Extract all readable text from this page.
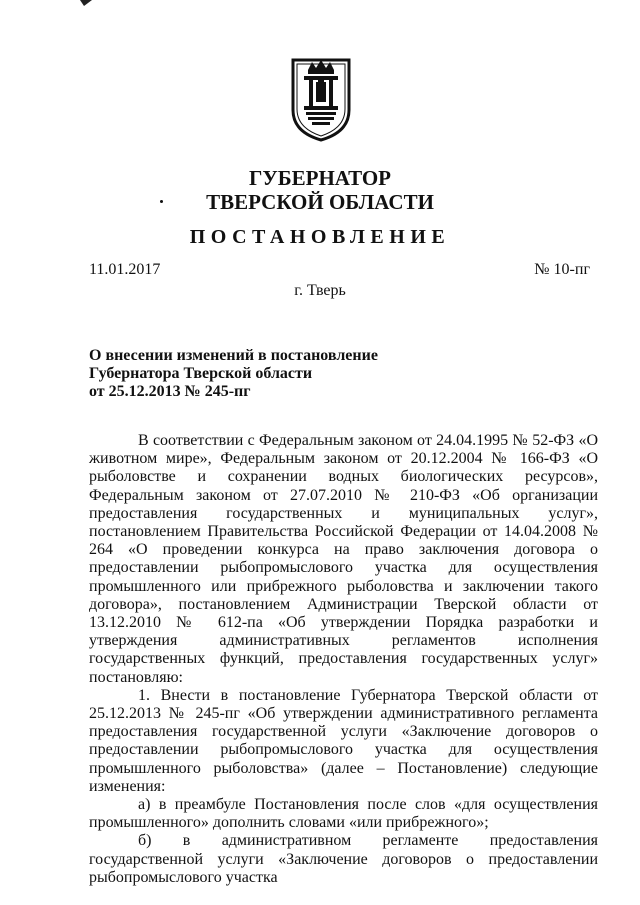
ГУБЕРНАТОР
ТВЕРСКОЙ ОБЛАСТИ
ПОСТАНОВЛЕНИЕ
11.01.2017	№ 10-пг
г. Тверь
О внесении изменений в постановление
Губернатора Тверской области
от 25.12.2013 № 245-пг

В соответствии с Федеральным законом от 24.04.1995 № 52-ФЗ «О животном мире», Федеральным законом от 20.12.2004 № 166-ФЗ «О рыболовстве и сохранении водных биологических ресурсов», Федеральным законом от 27.07.2010 № 210-ФЗ «Об организации предоставления государственных и муниципальных услуг», постановлением Правительства Российской Федерации от 14.04.2008 № 264 «О проведении конкурса на право заключения договора о предоставлении рыбопромыслового участка для осуществления промышленного или прибрежного рыболовства и заключении такого договора», постановлением Администрации Тверской области от 13.12.2010 № 612-па «Об утверждении Порядка разработки и утверждения административных регламентов исполнения государственных функций, предоставления государственных услуг» постановляю:

1. Внести в постановление Губернатора Тверской области от 25.12.2013 № 245-пг «Об утверждении административного регламента предоставления государственной услуги «Заключение договоров о предоставлении рыбопромыслового участка для осуществления промышленного рыболовства» (далее – Постановление) следующие изменения:

а) в преамбуле Постановления после слов «для осуществления промышленного» дополнить словами «или прибрежного»;

б) в административном регламенте предоставления государственной услуги «Заключение договоров о предоставлении рыбопромыслового участка
